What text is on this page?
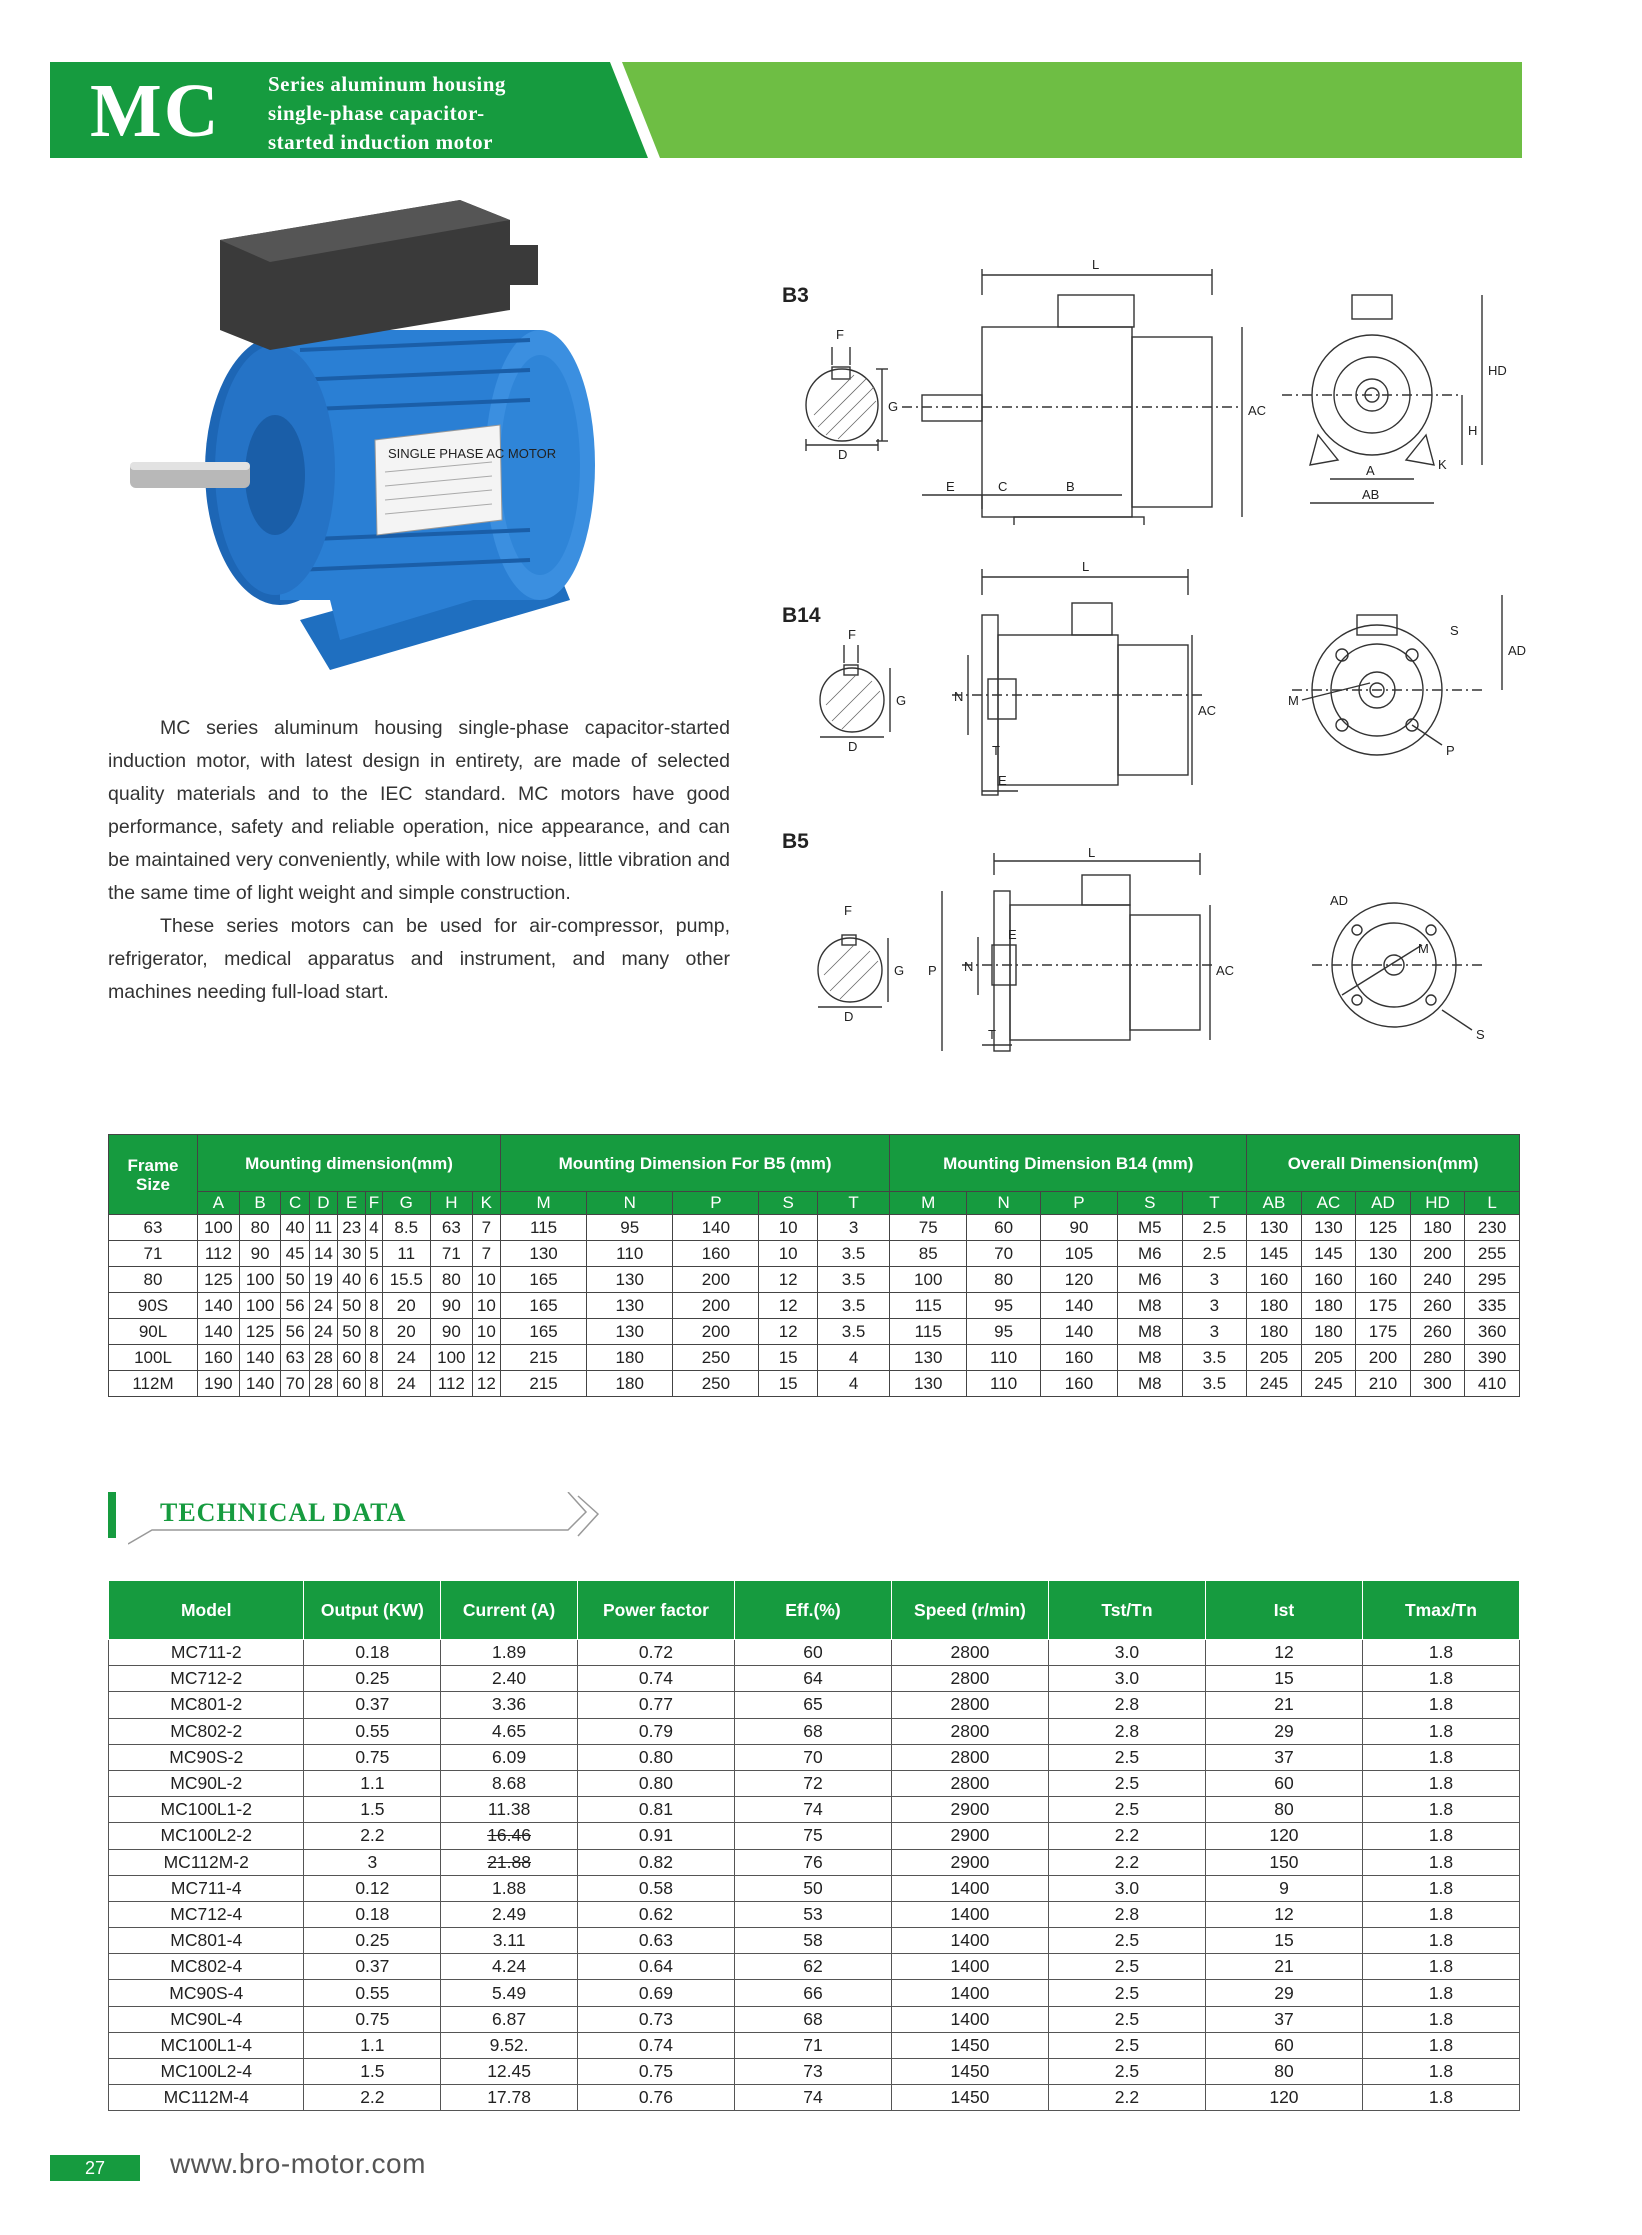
MC Series aluminum housing
single-phase capacitor-
started induction motor
SINGLE PHASE AC MOTOR

MC series aluminum housing single-phase capacitor-started induction motor, with latest design in entirety, are made of selected quality materials and to the IEC standard. MC motors have good performance, safety and reliable operation, nice appearance, and can be maintained very conveniently, while with low noise, little vibration and the same time of light weight and simple construction.

These series motors can be used for air-compressor, pump, refrigerator, medical apparatus and instrument, and many other machines needing full-load start.

B3
F
G
D
L
AC
E	C	B
HD
H
A	K
AB
B14
F
G
D
L
N
AC
T
E
S
AD
M
P
B5
F
G
D
L
E
P N	AC
T
AD
M
S
Frame Size	Mounting dimension(mm)									Mounting Dimension For B5 (mm)					Mounting Dimension B14 (mm)					Overall Dimension(mm)				
	A	B	C	D	E	F	G	H	K	M	N	P	S	T	M	N	P	S	T	AB	AC	AD	HD	L
63	100	80	40	11	23	4	8.5	63	7	115	95	140	10	3	75	60	90	M5	2.5	130	130	125	180	230
71	112	90	45	14	30	5	11	71	7	130	110	160	10	3.5	85	70	105	M6	2.5	145	145	130	200	255
80	125	100	50	19	40	6	15.5	80	10	165	130	200	12	3.5	100	80	120	M6	3	160	160	160	240	295
90S	140	100	56	24	50	8	20	90	10	165	130	200	12	3.5	115	95	140	M8	3	180	180	175	260	335
90L	140	125	56	24	50	8	20	90	10	165	130	200	12	3.5	115	95	140	M8	3	180	180	175	260	360
100L	160	140	63	28	60	8	24	100	12	215	180	250	15	4	130	110	160	M8	3.5	205	205	200	280	390
112M	190	140	70	28	60	8	24	112	12	215	180	250	15	4	130	110	160	M8	3.5	245	245	210	300	410
TECHNICAL DATA
Model	Output (KW)	Current (A)	Power factor	Eff.(%)	Speed (r/min)	Tst/Tn	Ist	Tmax/Tn
MC711-2	0.18	1.89	0.72	60	2800	3.0	12	1.8
MC712-2	0.25	2.40	0.74	64	2800	3.0	15	1.8
MC801-2	0.37	3.36	0.77	65	2800	2.8	21	1.8
MC802-2	0.55	4.65	0.79	68	2800	2.8	29	1.8
MC90S-2	0.75	6.09	0.80	70	2800	2.5	37	1.8
MC90L-2	1.1	8.68	0.80	72	2800	2.5	60	1.8
MC100L1-2	1.5	11.38	0.81	74	2900	2.5	80	1.8
MC100L2-2	2.2	16.46	0.91	75	2900	2.2	120	1.8
MC112M-2	3	21.88	0.82	76	2900	2.2	150	1.8
MC711-4	0.12	1.88	0.58	50	1400	3.0	9	1.8
MC712-4	0.18	2.49	0.62	53	1400	2.8	12	1.8
MC801-4	0.25	3.11	0.63	58	1400	2.5	15	1.8
MC802-4	0.37	4.24	0.64	62	1400	2.5	21	1.8
MC90S-4	0.55	5.49	0.69	66	1400	2.5	29	1.8
MC90L-4	0.75	6.87	0.73	68	1400	2.5	37	1.8
MC100L1-4	1.1	9.52.	0.74	71	1450	2.5	60	1.8
MC100L2-4	1.5	12.45	0.75	73	1450	2.5	80	1.8
MC112M-4	2.2	17.78	0.76	74	1450	2.2	120	1.8
27	www.bro-motor.com
